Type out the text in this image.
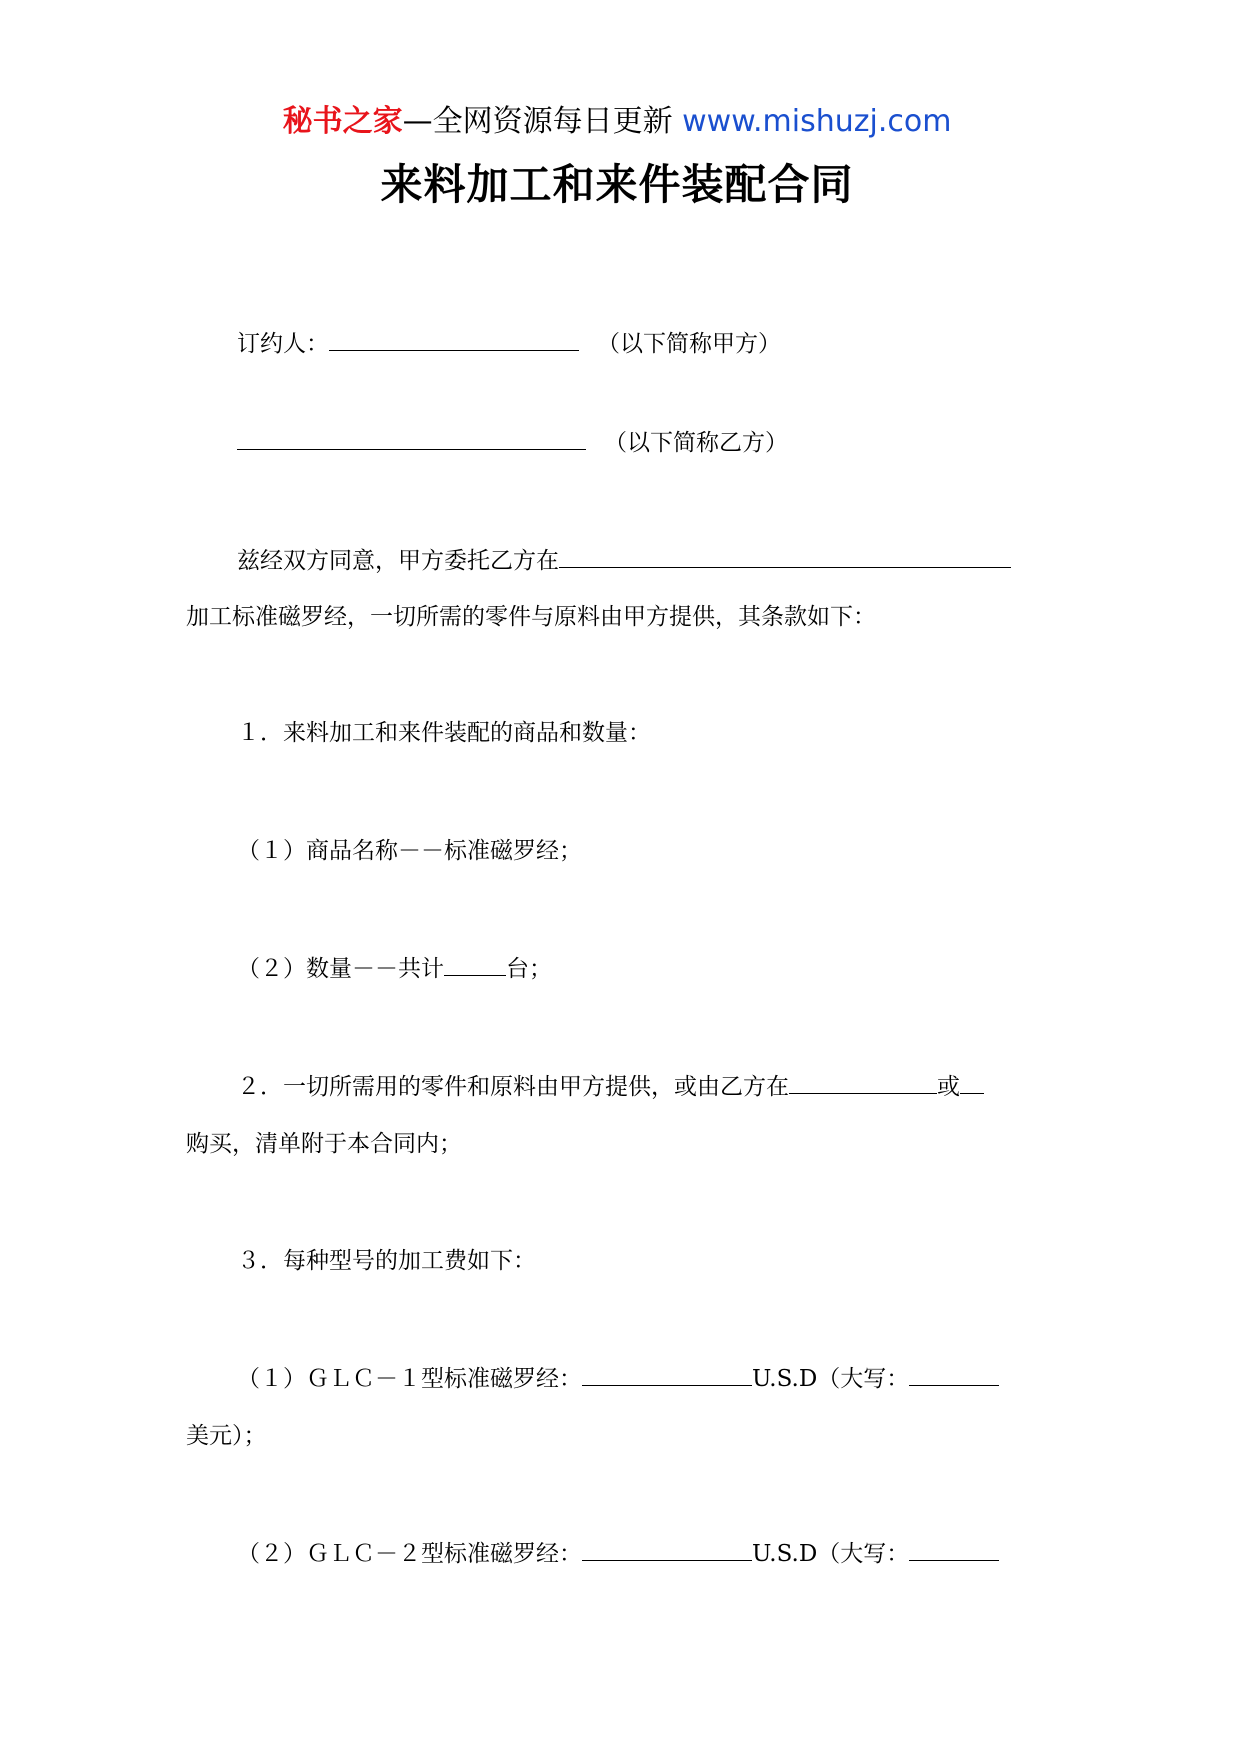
秘书之家—全网资源每日更新 www.mishuzj.com
来料加工和来件装配合同
订约人：	（以下简称甲方）
（以下简称乙方）
兹经双方同意，甲方委托乙方在
加工标准磁罗经，一切所需的零件与原料由甲方提供，其条款如下：
１．来料加工和来件装配的商品和数量：
（１）商品名称－－标准磁罗经；
（２）数量－－共计	台；
２．一切所需用的零件和原料由甲方提供，或由乙方在	或
购买，清单附于本合同内；
３．每种型号的加工费如下：
（１）ＧＬＣ－１型标准磁罗经：	U.S.D（大写：
美元）；
（２）ＧＬＣ－２型标准磁罗经：	U.S.D（大写：
